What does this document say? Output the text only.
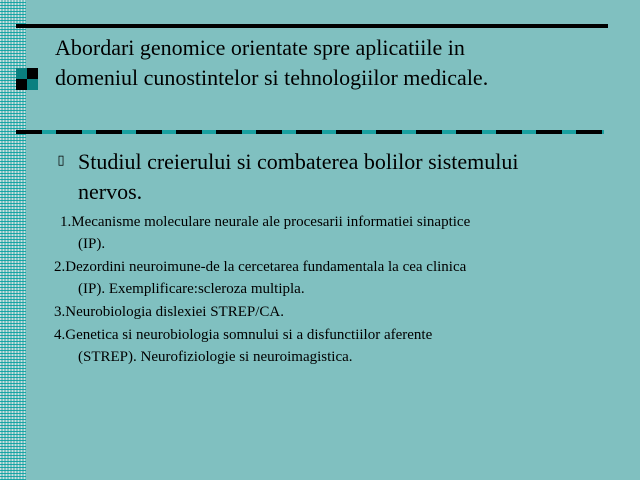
Abordari genomice orientate spre aplicatiile in
domeniul cunostintelor si tehnologiilor medicale.
▯ Studiul creierului si combaterea bolilor sistemului
nervos.
1.Mecanisme moleculare neurale ale procesarii informatiei sinaptice
(IP).
2.Dezordini neuroimune-de la cercetarea fundamentala la cea clinica
(IP). Exemplificare:scleroza multipla.
3.Neurobiologia dislexiei STREP/CA.
4.Genetica si neurobiologia somnului si a disfunctiilor aferente
(STREP). Neurofiziologie si neuroimagistica.
